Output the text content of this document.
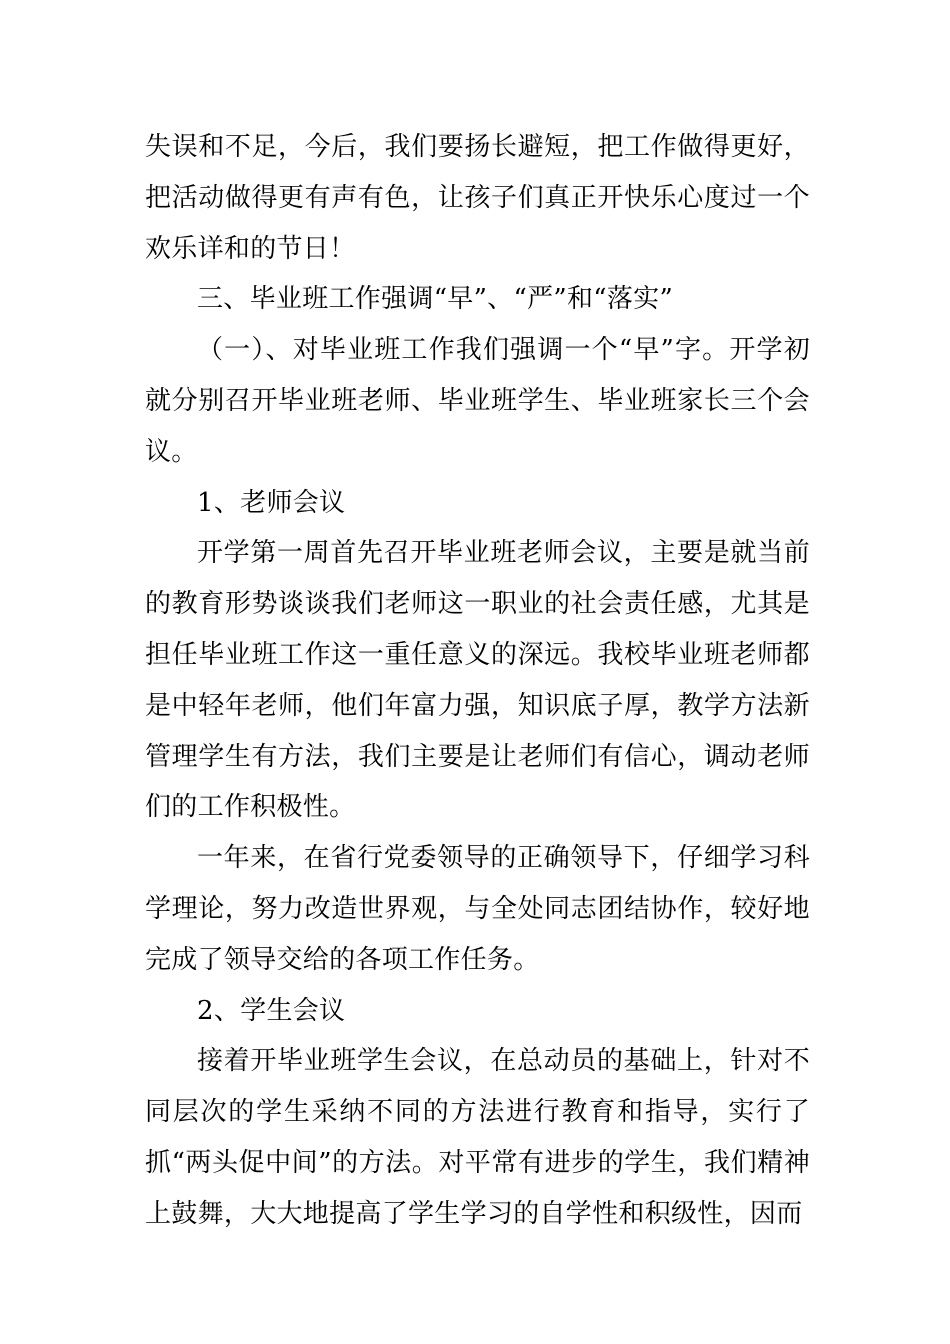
失误和不足，今后，我们要扬长避短，把工作做得更好，把活动做得更有声有色，让孩子们真正开快乐心度过一个欢乐详和的节日！

三、毕业班工作强调“早”、“严”和“落实”

（一）、对毕业班工作我们强调一个“早”字。开学初就分别召开毕业班老师、毕业班学生、毕业班家长三个会议。

1、老师会议

开学第一周首先召开毕业班老师会议，主要是就当前的教育形势谈谈我们老师这一职业的社会责任感，尤其是担任毕业班工作这一重任意义的深远。我校毕业班老师都是中轻年老师，他们年富力强，知识底子厚，教学方法新管理学生有方法，我们主要是让老师们有信心，调动老师们的工作积极性。

一年来，在省行党委领导的正确领导下，仔细学习科学理论，努力改造世界观，与全处同志团结协作，较好地完成了领导交给的各项工作任务。

2、学生会议

接着开毕业班学生会议，在总动员的基础上，针对不同层次的学生采纳不同的方法进行教育和指导，实行了抓“两头促中间”的方法。对平常有进步的学生，我们精神上鼓舞，大大地提高了学生学习的自学性和积级性，因而
